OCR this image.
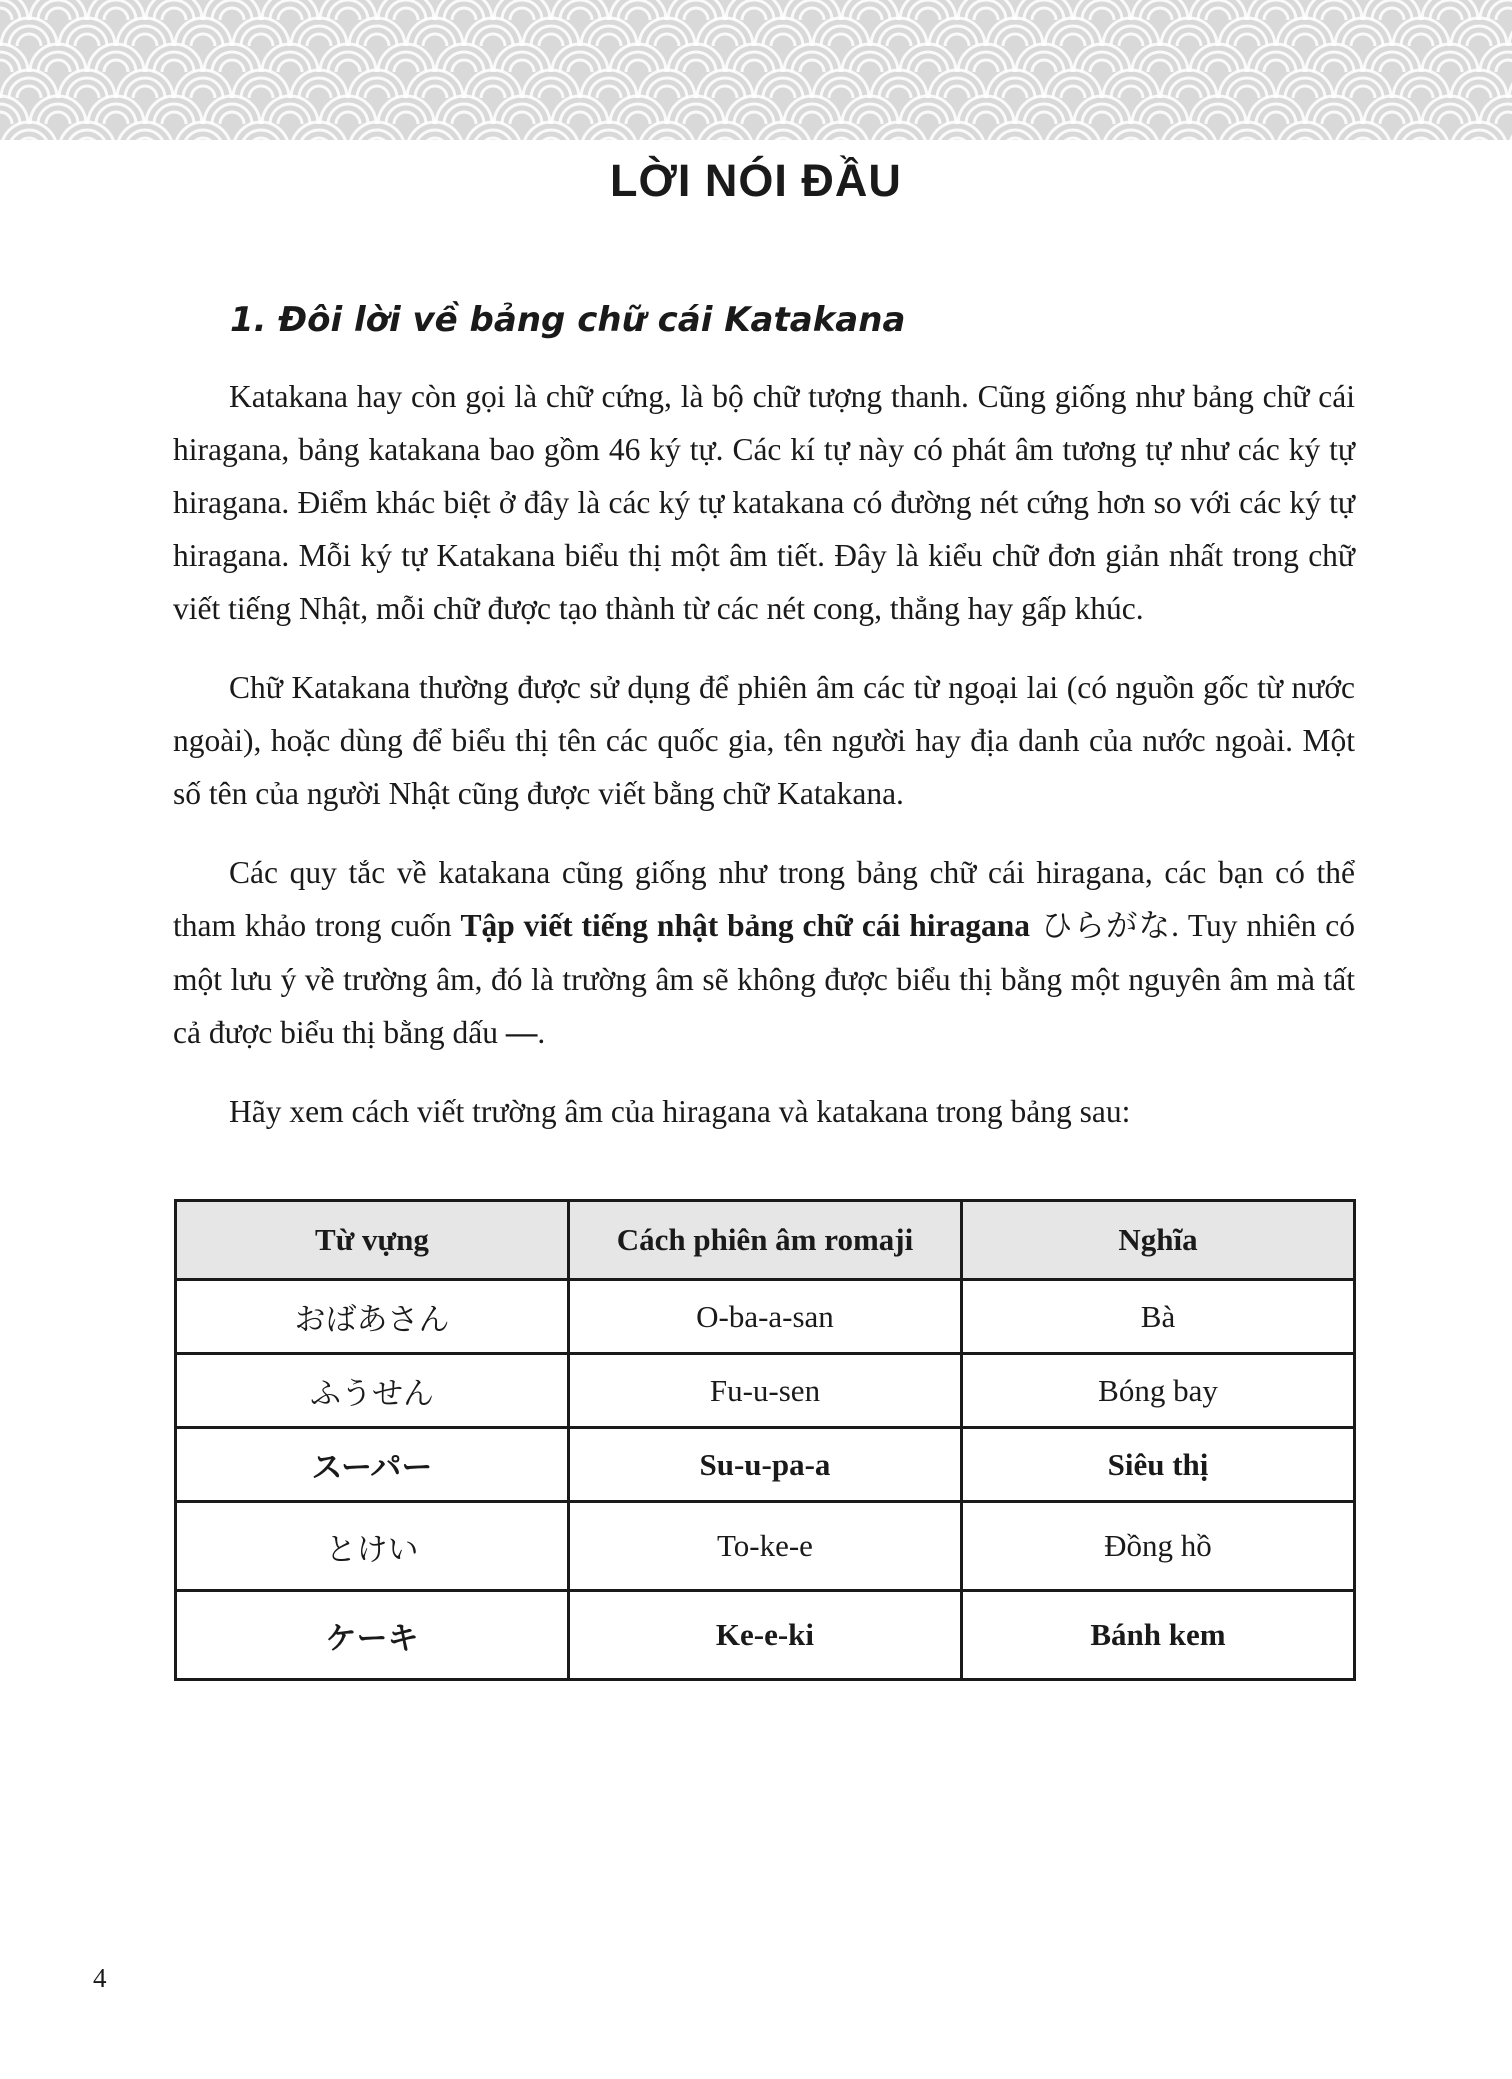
LỜI NÓI ĐẦU
1. Đôi lời về bảng chữ cái Katakana

Katakana hay còn gọi là chữ cứng, là bộ chữ tượng thanh. Cũng giống như bảng chữ cái hiragana, bảng katakana bao gồm 46 ký tự. Các kí tự này có phát âm tương tự như các ký tự hiragana. Điểm khác biệt ở đây là các ký tự katakana có đường nét cứng hơn so với các ký tự hiragana. Mỗi ký tự Katakana biểu thị một âm tiết. Đây là kiểu chữ đơn giản nhất trong chữ viết tiếng Nhật, mỗi chữ được tạo thành từ các nét cong, thẳng hay gấp khúc.

Chữ Katakana thường được sử dụng để phiên âm các từ ngoại lai (có nguồn gốc từ nước ngoài), hoặc dùng để biểu thị tên các quốc gia, tên người hay địa danh của nước ngoài. Một số tên của người Nhật cũng được viết bằng chữ Katakana.

Các quy tắc về katakana cũng giống như trong bảng chữ cái hiragana, các bạn có thể tham khảo trong cuốn Tập viết tiếng nhật bảng chữ cái hiragana ひらがな. Tuy nhiên có một lưu ý về trường âm, đó là trường âm sẽ không được biểu thị bằng một nguyên âm mà tất cả được biểu thị bằng dấu —.

Hãy xem cách viết trường âm của hiragana và katakana trong bảng sau:

Từ vựng	Cách phiên âm romaji	Nghĩa
おばあさん	O-ba-a-san	Bà
ふうせん	Fu-u-sen	Bóng bay
スーパー	Su-u-pa-a	Siêu thị
とけい	To-ke-e	Đồng hồ
ケーキ	Ke-e-ki	Bánh kem
4
